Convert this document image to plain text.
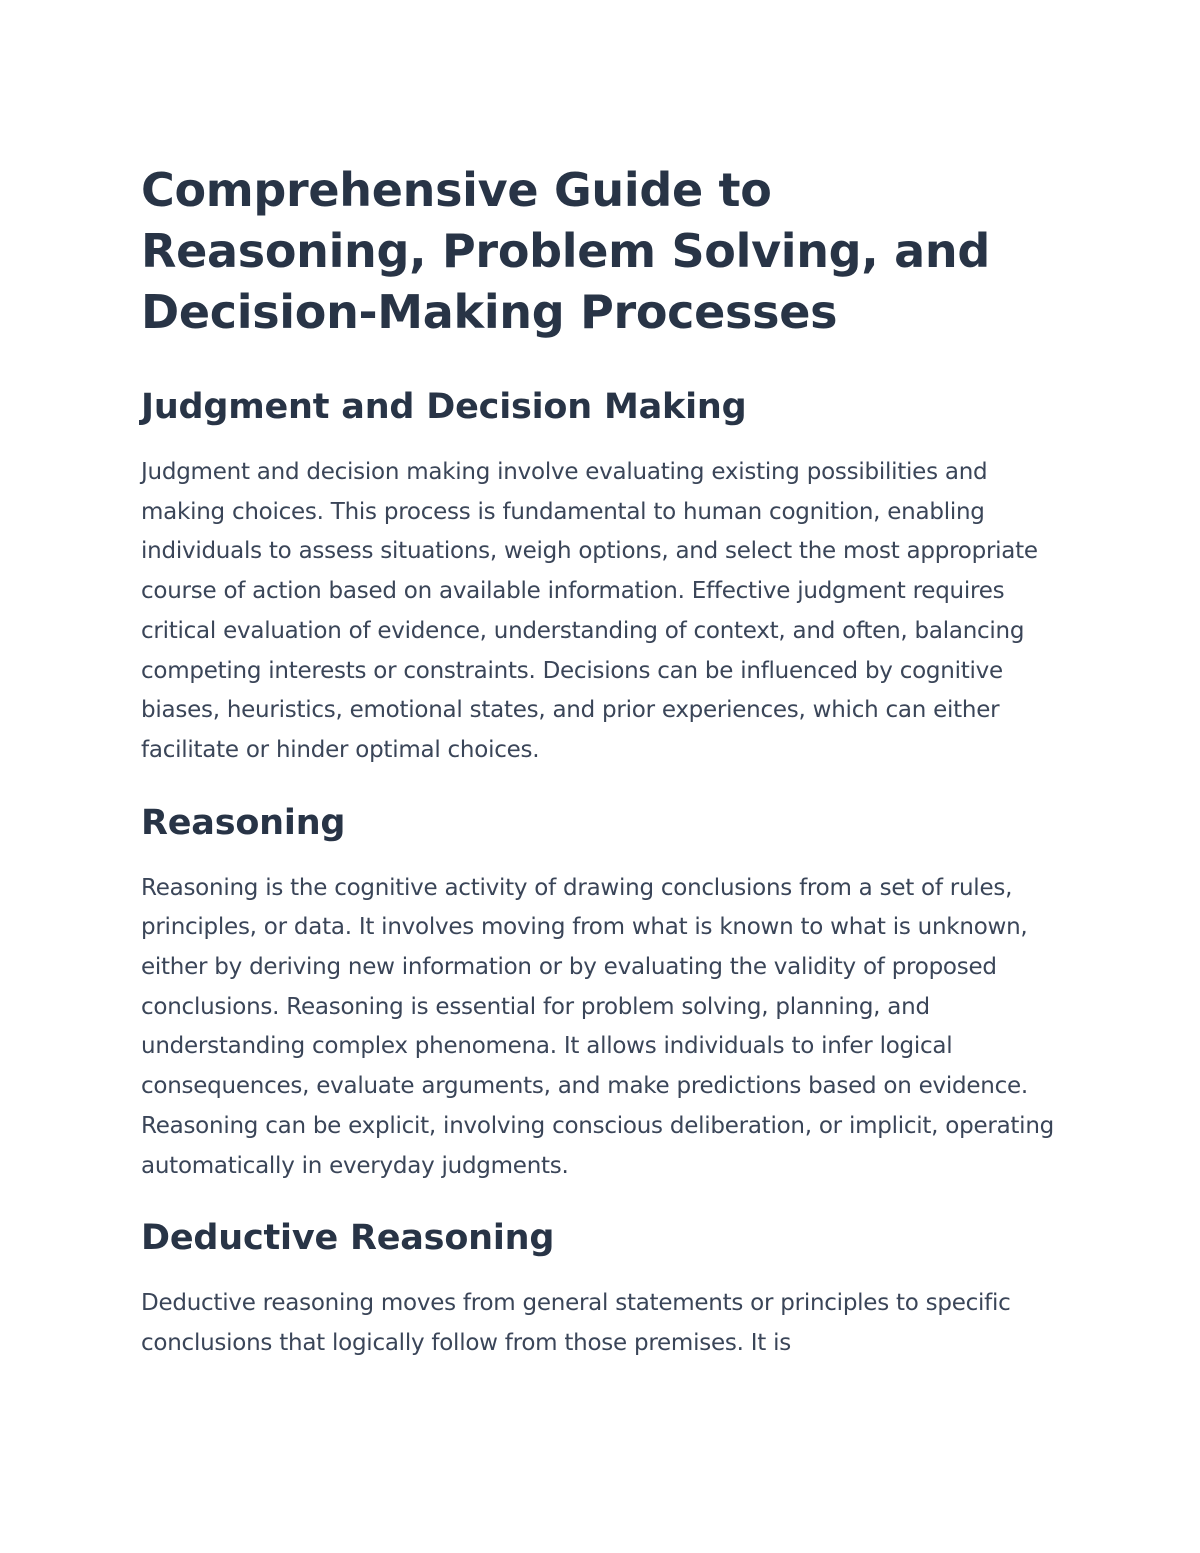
Comprehensive Guide to Reasoning, Problem Solving, and Decision-Making Processes
Judgment and Decision Making

Judgment and decision making involve evaluating existing possibilities and making choices. This process is fundamental to human cognition, enabling individuals to assess situations, weigh options, and select the most appropriate course of action based on available information. Effective judgment requires critical evaluation of evidence, understanding of context, and often, balancing competing interests or constraints. Decisions can be influenced by cognitive biases, heuristics, emotional states, and prior experiences, which can either facilitate or hinder optimal choices.

Reasoning

Reasoning is the cognitive activity of drawing conclusions from a set of rules, principles, or data. It involves moving from what is known to what is unknown, either by deriving new information or by evaluating the validity of proposed conclusions. Reasoning is essential for problem solving, planning, and understanding complex phenomena. It allows individuals to infer logical consequences, evaluate arguments, and make predictions based on evidence. Reasoning can be explicit, involving conscious deliberation, or implicit, operating automatically in everyday judgments.

Deductive Reasoning

Deductive reasoning moves from general statements or principles to specific conclusions that logically follow from those premises. It is
